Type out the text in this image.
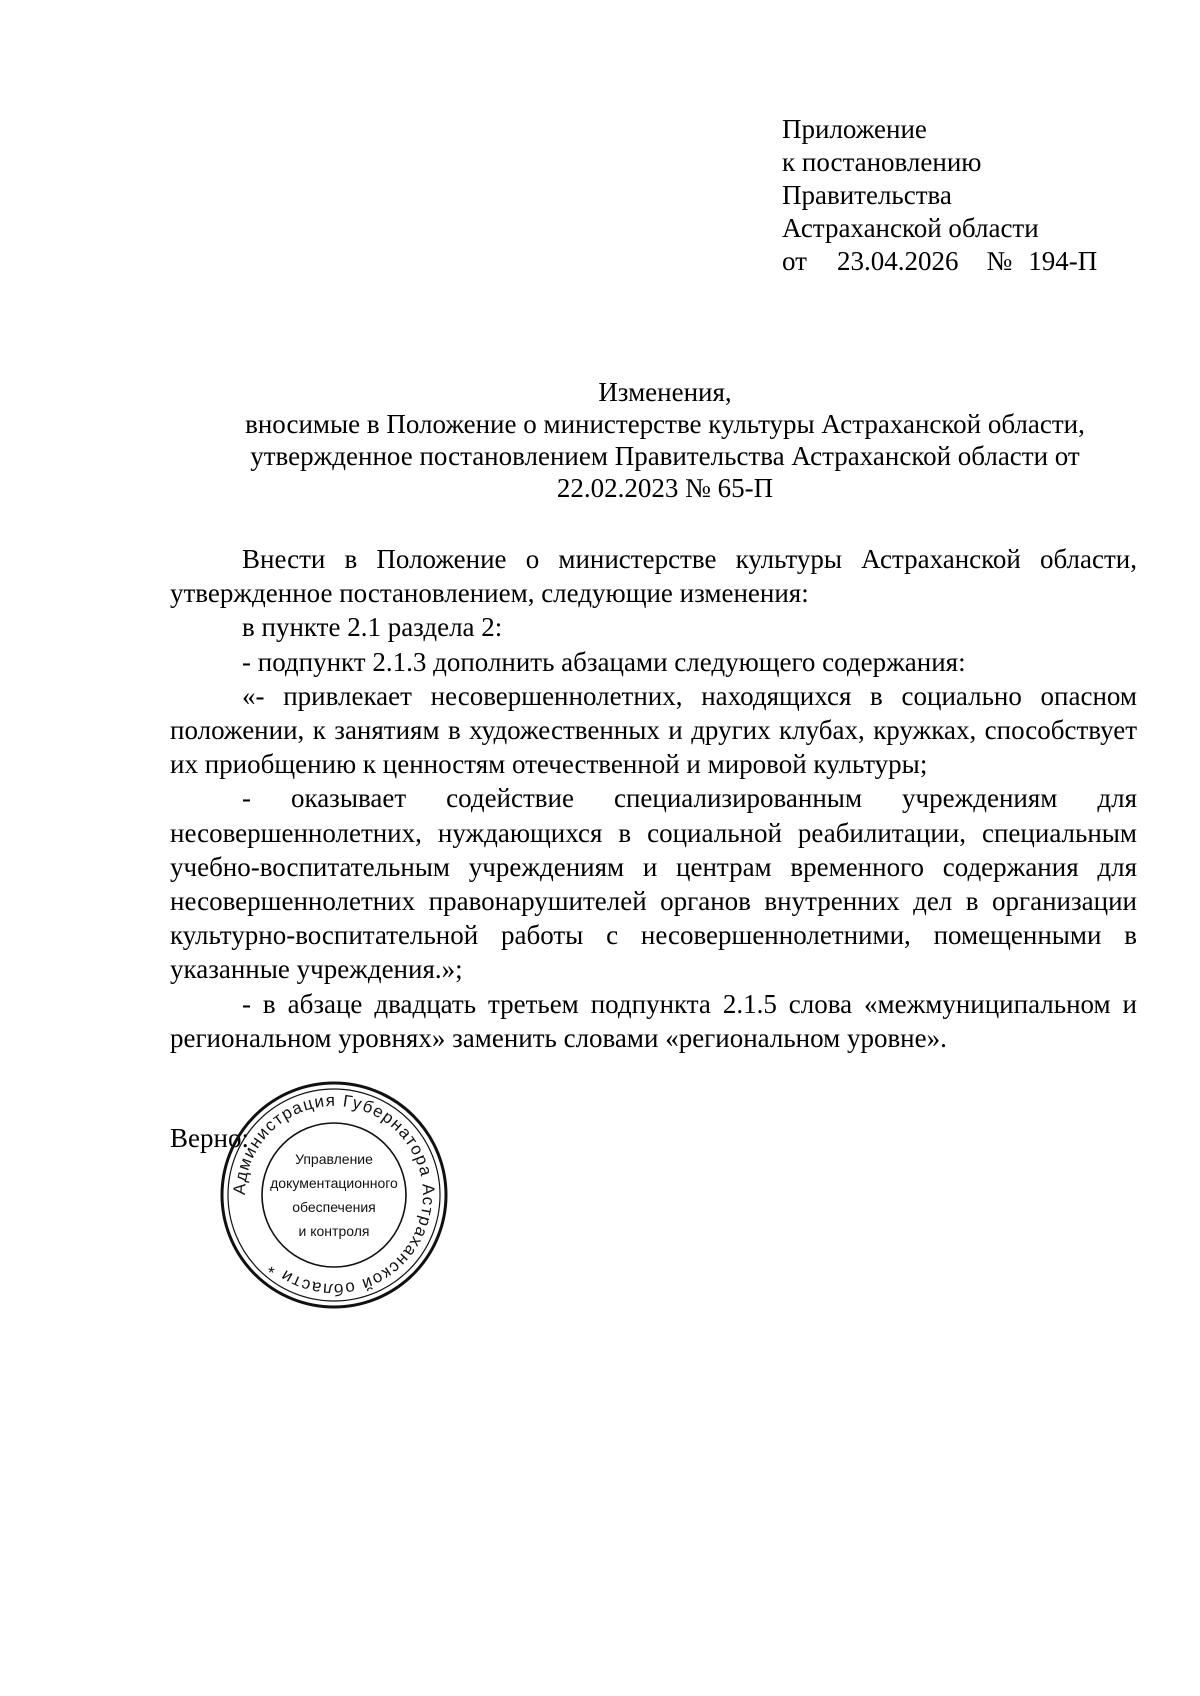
Приложение
к постановлению
Правительства
Астраханской области
от 23.04.2026 № 194-П
Изменения,
вносимые в Положение о министерстве культуры Астраханской области,
утвержденное постановлением Правительства Астраханской области от
22.02.2023 № 65-П

Внести в Положение о министерстве культуры Астраханской области, утвержденное постановлением, следующие изменения:

в пункте 2.1 раздела 2:

- подпункт 2.1.3 дополнить абзацами следующего содержания:

«- привлекает несовершеннолетних, находящихся в социально опасном положении, к занятиям в художественных и других клубах, кружках, способствует их приобщению к ценностям отечественной и мировой культуры;

- оказывает содействие специализированным учреждениям для несовершеннолетних, нуждающихся в социальной реабилитации, специальным учебно-воспитательным учреждениям и центрам временного содержания для несовершеннолетних правонарушителей органов внутренних дел в организации культурно-воспитательной работы с несовершеннолетними, помещенными в указанные учреждения.»;

- в абзаце двадцать третьем подпункта 2.1.5 слова «межмуниципальном и региональном уровнях» заменить словами «региональном уровне».

Верно:
Администрация Губернатора Астраханской области *
Управление
документационного
обеспечения
и контроля
